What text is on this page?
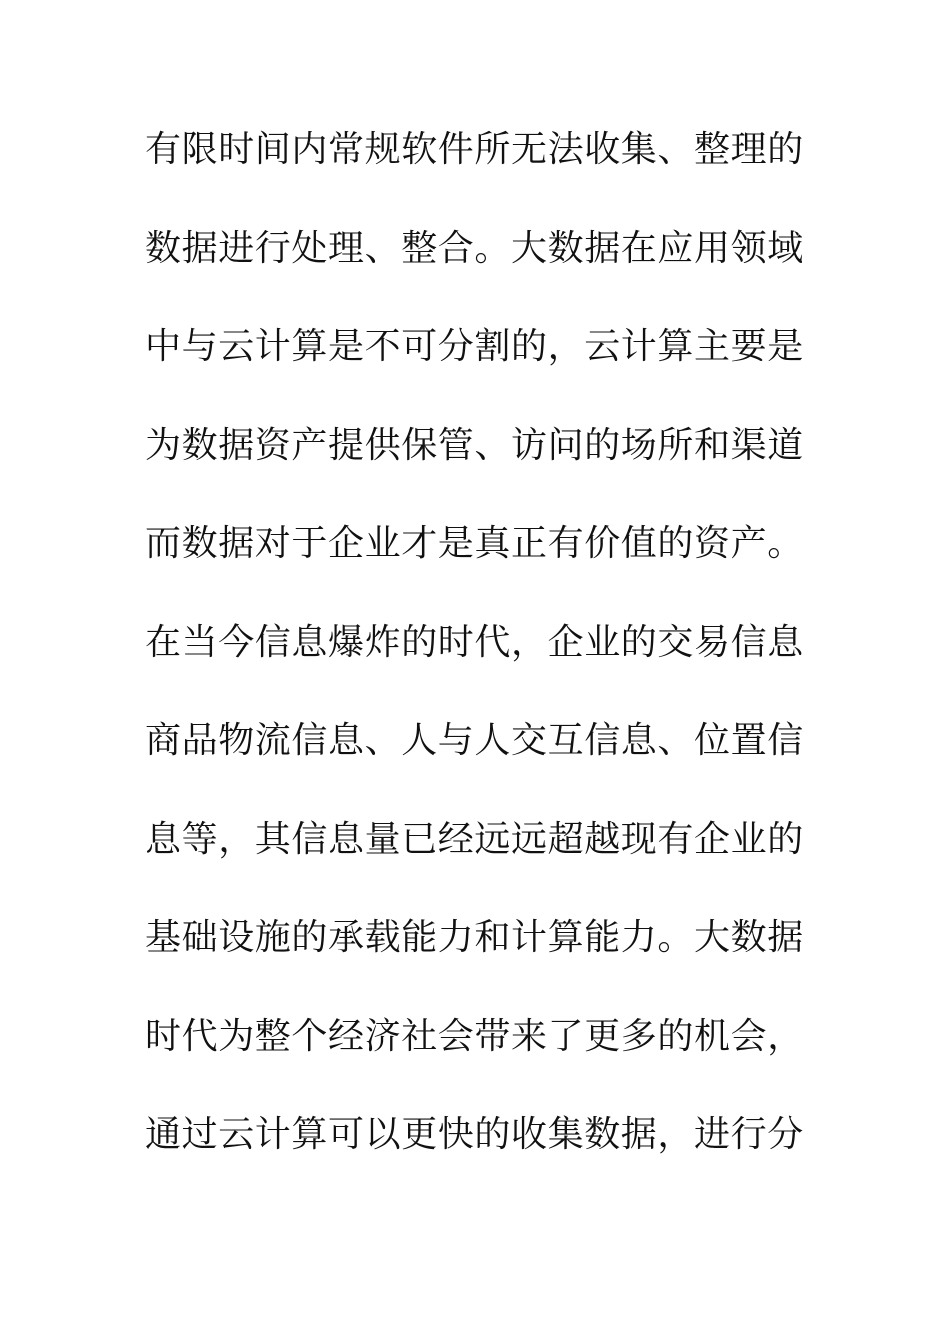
有限时间内常规软件所无法收集、整理的
数据进行处理、整合。大数据在应用领域
中与云计算是不可分割的，云计算主要是
为数据资产提供保管、访问的场所和渠道
而数据对于企业才是真正有价值的资产。
在当今信息爆炸的时代，企业的交易信息
商品物流信息、人与人交互信息、位置信
息等，其信息量已经远远超越现有企业的
基础设施的承载能力和计算能力。大数据
时代为整个经济社会带来了更多的机会，
通过云计算可以更快的收集数据，进行分
